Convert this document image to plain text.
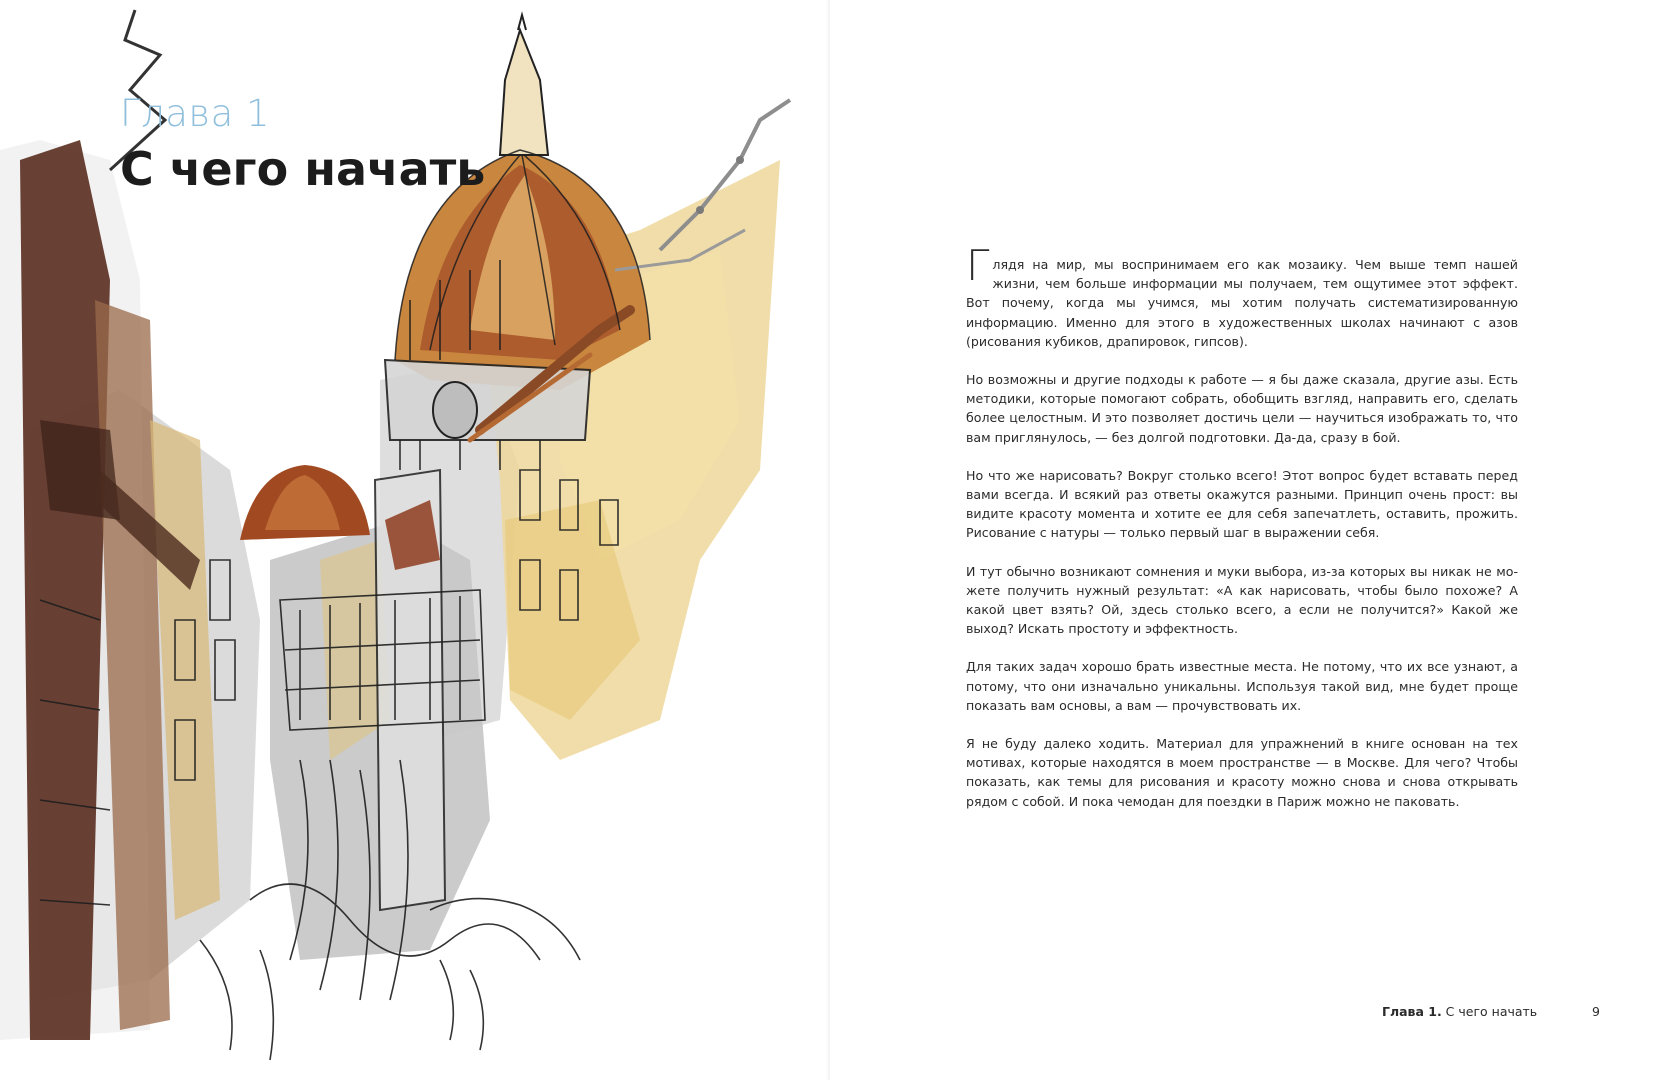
Глава 1
С чего начать

Глядя на мир, мы воспринимаем его как мозаику. Чем выше темп нашей жизни, чем больше информации мы получаем, тем ощутимее этот эффект. Вот почему, когда мы учимся, мы хотим получать систематизированную информацию. Именно для этого в художественных школах начинают с азов (рисования кубиков, драпировок, гипсов).

Но возможны и другие подходы к работе — я бы даже сказала, другие азы. Есть методики, которые помогают собрать, обобщить взгляд, направить его, сделать более целостным. И это позволяет достичь цели — научиться изображать то, что вам приглянулось, — без долгой подготовки. Да-да, сразу в бой.

Но что же нарисовать? Вокруг столько всего! Этот вопрос будет вставать перед вами всегда. И всякий раз ответы окажутся разными. Принцип очень прост: вы видите красоту момента и хотите ее для себя запечатлеть, оставить, прожить. Рисование с натуры — только первый шаг в выражении себя.

И тут обычно возникают сомнения и муки выбора, из-за которых вы никак не можете получить нужный результат: «А как нарисовать, чтобы было похоже? А какой цвет взять? Ой, здесь столько всего, а если не получится?» Какой же выход? Искать простоту и эффектность.

Для таких задач хорошо брать известные места. Не потому, что их все узнают, а потому, что они изначально уникальны. Используя такой вид, мне будет проще показать вам основы, а вам — прочувствовать их.

Я не буду далеко ходить. Материал для упражнений в книге основан на тех мотивах, которые находятся в моем пространстве — в Москве. Для чего? Чтобы показать, как темы для рисования и красоту можно снова и снова открывать рядом с собой. И пока чемодан для поездки в Париж можно не паковать.

Глава 1. С чего начать	9
